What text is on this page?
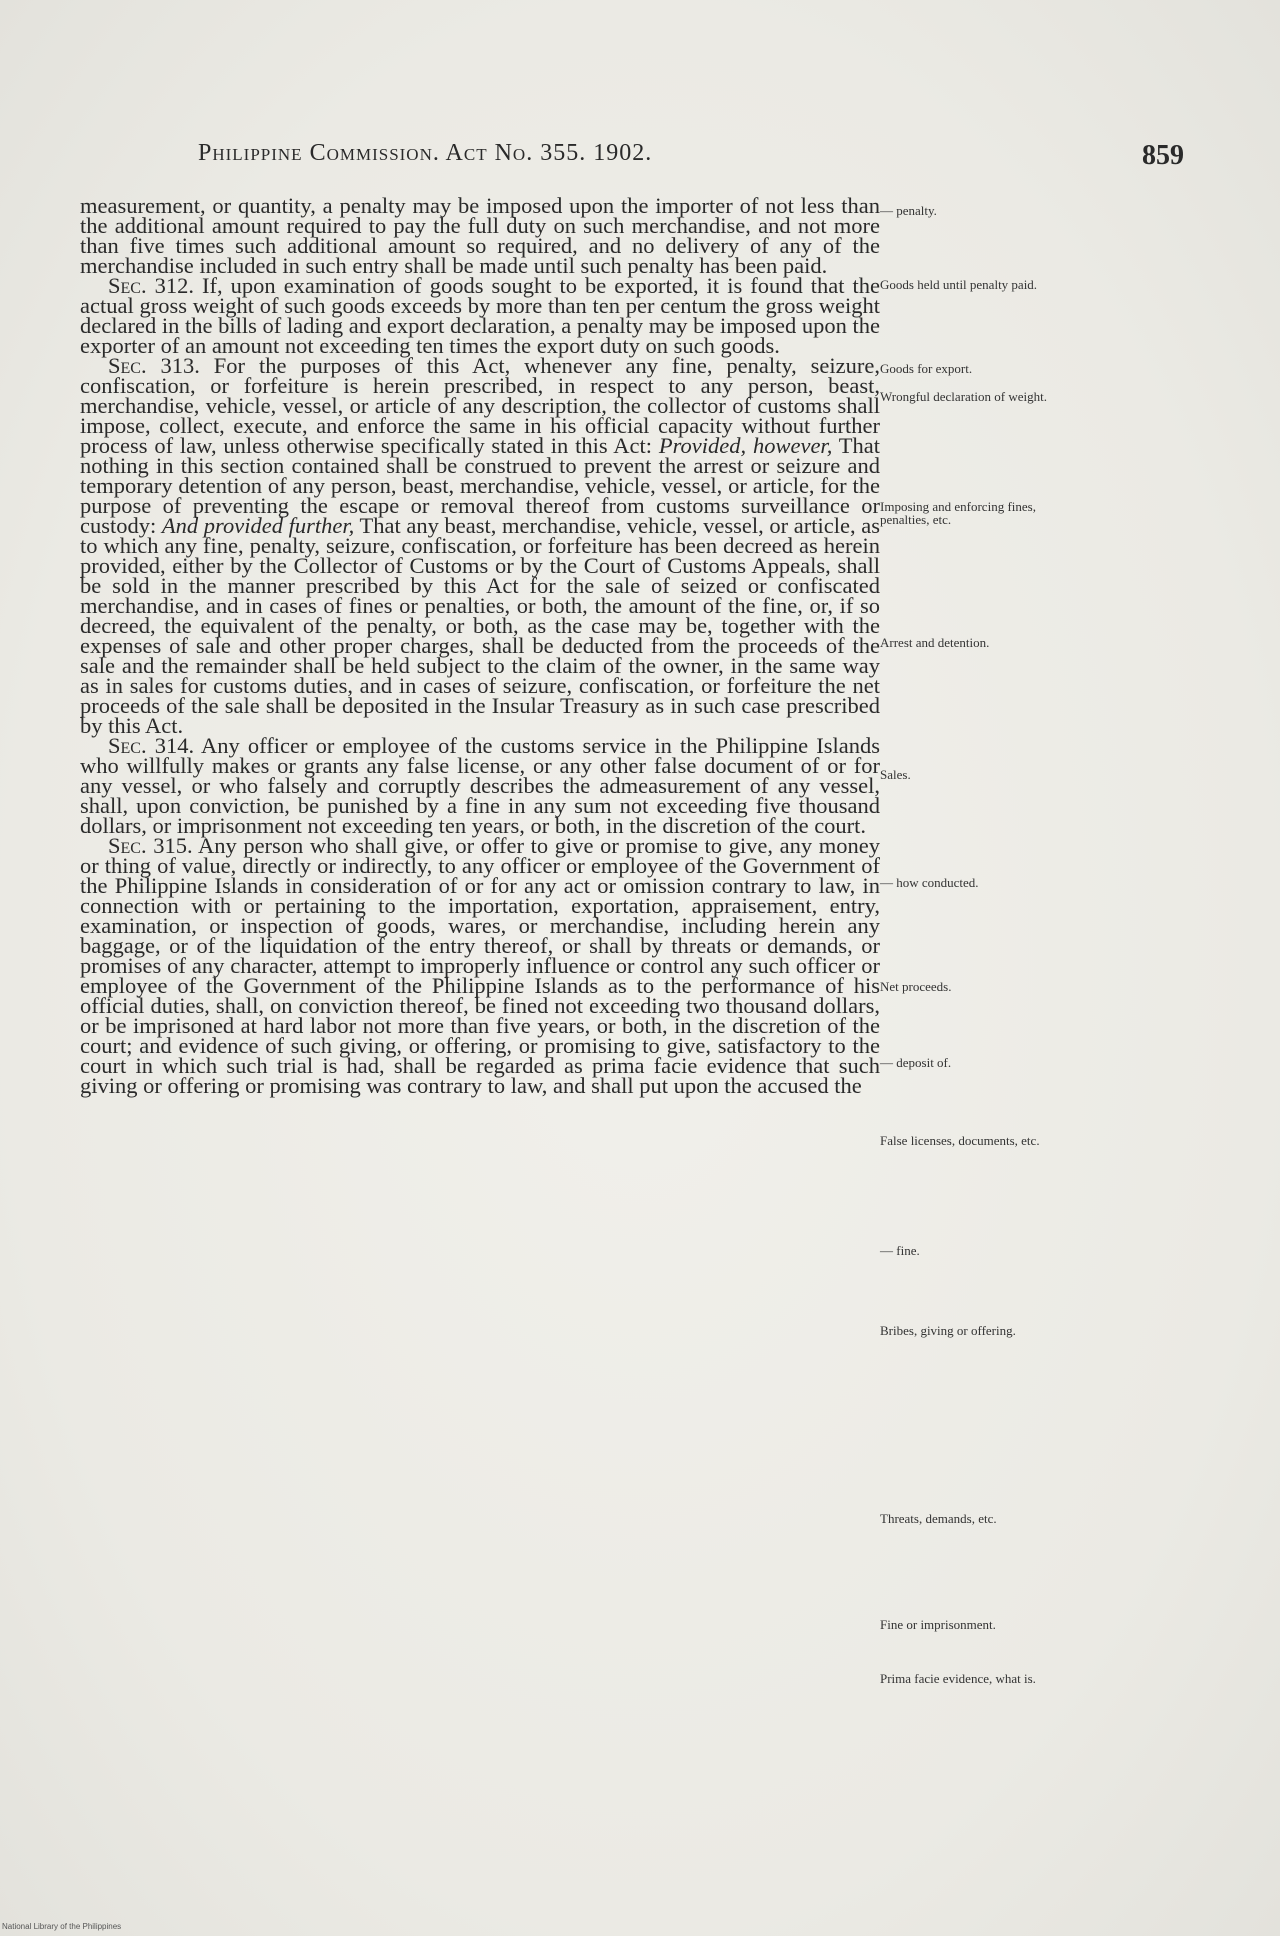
Philippine Commission. Act No. 355. 1902.	859

measurement, or quantity, a penalty may be imposed upon the importer of not less than the additional amount required to pay the full duty on such merchandise, and not more than five times such additional amount so required, and no delivery of any of the merchandise included in such entry shall be made until such penalty has been paid.

Sec. 312. If, upon examination of goods sought to be exported, it is found that the actual gross weight of such goods exceeds by more than ten per centum the gross weight declared in the bills of lading and export declaration, a penalty may be imposed upon the exporter of an amount not exceeding ten times the export duty on such goods.

Sec. 313. For the purposes of this Act, whenever any fine, penalty, seizure, confiscation, or forfeiture is herein prescribed, in respect to any person, beast, merchandise, vehicle, vessel, or article of any description, the collector of customs shall impose, collect, execute, and enforce the same in his official capacity without further process of law, unless otherwise specifically stated in this Act: Provided, however, That nothing in this section contained shall be construed to prevent the arrest or seizure and temporary detention of any person, beast, merchandise, vehicle, vessel, or article, for the purpose of preventing the escape or removal thereof from customs surveillance or custody: And provided further, That any beast, merchandise, vehicle, vessel, or article, as to which any fine, penalty, seizure, confiscation, or forfeiture has been decreed as herein provided, either by the Collector of Customs or by the Court of Customs Appeals, shall be sold in the manner prescribed by this Act for the sale of seized or confiscated merchandise, and in cases of fines or penalties, or both, the amount of the fine, or, if so decreed, the equivalent of the penalty, or both, as the case may be, together with the expenses of sale and other proper charges, shall be deducted from the proceeds of the sale and the remainder shall be held subject to the claim of the owner, in the same way as in sales for customs duties, and in cases of seizure, confiscation, or forfeiture the net proceeds of the sale shall be deposited in the Insular Treasury as in such case prescribed by this Act.

Sec. 314. Any officer or employee of the customs service in the Philippine Islands who willfully makes or grants any false license, or any other false document of or for any vessel, or who falsely and corruptly describes the admeasurement of any vessel, shall, upon conviction, be punished by a fine in any sum not exceeding five thousand dollars, or imprisonment not exceeding ten years, or both, in the discretion of the court.

Sec. 315. Any person who shall give, or offer to give or promise to give, any money or thing of value, directly or indirectly, to any officer or employee of the Government of the Philippine Islands in consideration of or for any act or omission contrary to law, in connection with or pertaining to the importation, exportation, appraisement, entry, examination, or inspection of goods, wares, or merchandise, including herein any baggage, or of the liquidation of the entry thereof, or shall by threats or demands, or promises of any character, attempt to improperly influence or control any such officer or employee of the Government of the Philippine Islands as to the performance of his official duties, shall, on conviction thereof, be fined not exceeding two thousand dollars, or be imprisoned at hard labor not more than five years, or both, in the discretion of the court; and evidence of such giving, or offering, or promising to give, satisfactory to the court in which such trial is had, shall be regarded as prima facie evidence that such giving or offering or promising was contrary to law, and shall put upon the accused the

— penalty.
Goods held until penalty paid.
Goods for export.
Wrongful declaration of weight.
Imposing and enforcing fines, penalties, etc.
Arrest and detention.
Sales.
— how conducted.
Net proceeds.
— deposit of.
False licenses, documents, etc.
— fine.
Bribes, giving or offering.
Threats, demands, etc.
Fine or imprisonment.
Prima facie evidence, what is.
National Library of the Philippines
